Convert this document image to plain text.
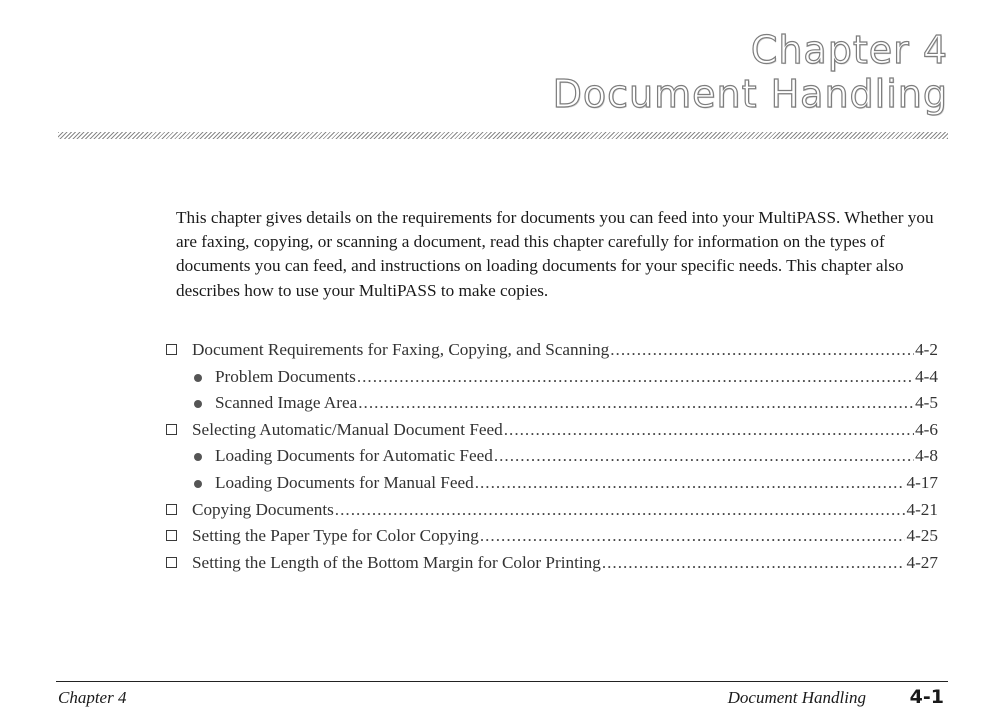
Chapter 4
Document Handling

This chapter gives details on the requirements for documents you can feed into your MultiPASS. Whether you are faxing, copying, or scanning a document, read this chapter carefully for information on the types of documents you can feed, and instructions on loading documents for your specific needs. This chapter also describes how to use your MultiPASS to make copies.

Document Requirements for Faxing, Copying, and Scanning .....	4-2
Problem Documents .....	4-4
Scanned Image Area .....	4-5
Selecting Automatic/Manual Document Feed .....	4-6
Loading Documents for Automatic Feed .....	4-8
Loading Documents for Manual Feed .....	4-17
Copying Documents .....	4-21
Setting the Paper Type for Color Copying .....	4-25
Setting the Length of the Bottom Margin for Color Printing .....	4-27
Chapter 4	Document Handling 4-1
